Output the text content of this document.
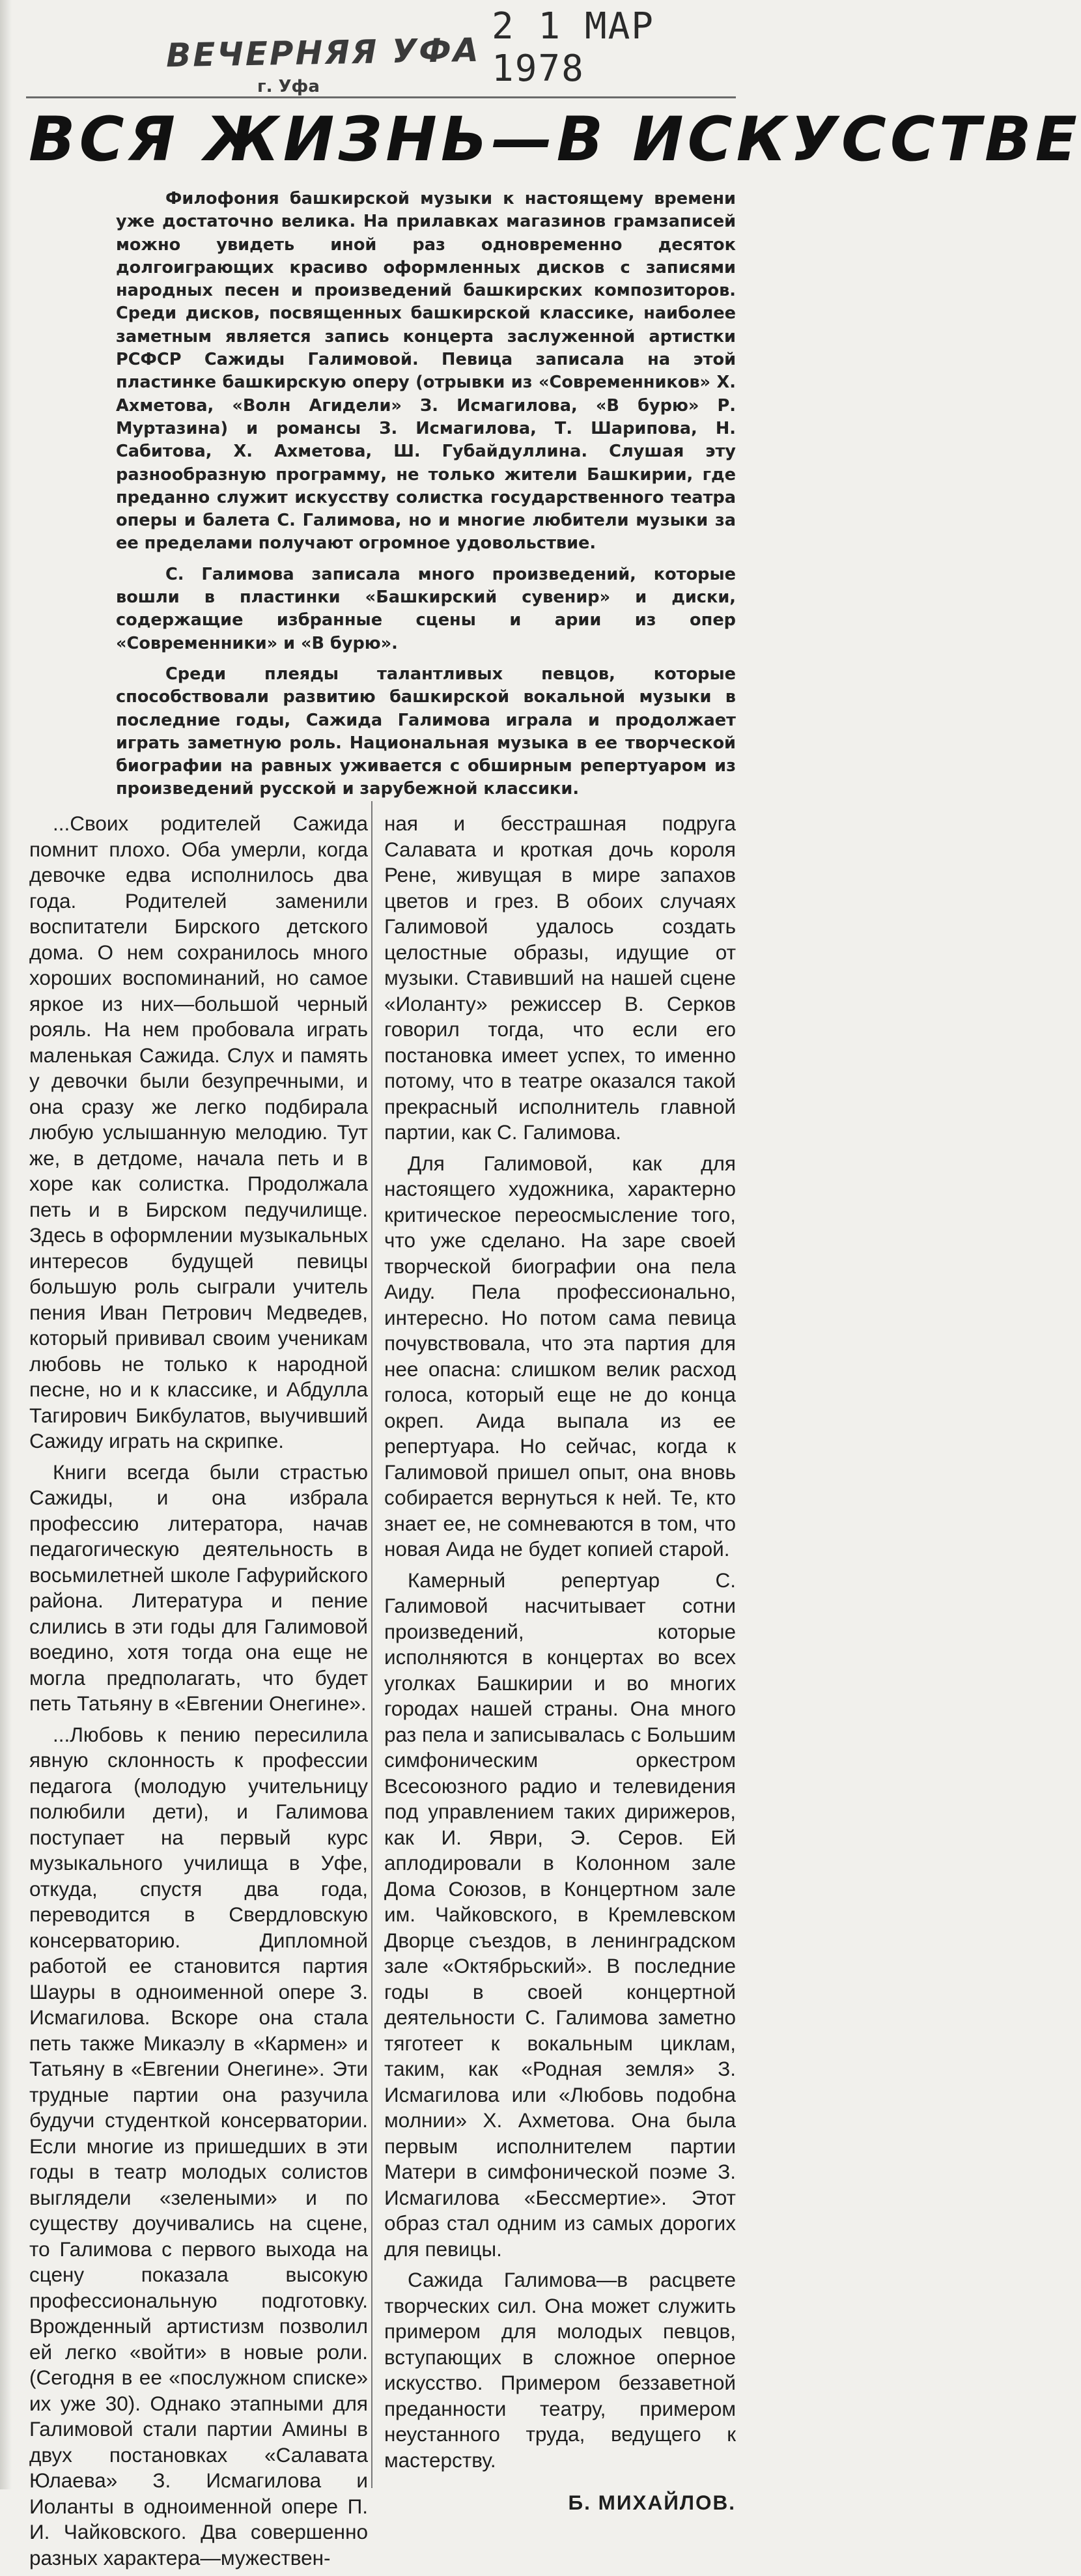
ВЕЧЕРНЯЯ УФА
г. Уфа
2 1 МАР 1978
ВСЯ ЖИЗНЬ—В ИСКУССТВЕ

Филофония башкирской музыки к настоящему времени уже достаточно велика. На прилавках магазинов грамзаписей можно увидеть иной раз одновременно десяток долгоиграющих красиво оформленных дисков с записями народных песен и произведений башкирских композиторов. Среди дисков, посвященных башкирской классике, наиболее заметным является запись концерта заслуженной артистки РСФСР Сажиды Галимовой. Певица записала на этой пластинке башкирскую оперу (отрывки из «Современников» Х. Ахметова, «Волн Агидели» З. Исмагилова, «В бурю» Р. Муртазина) и романсы З. Исмагилова, Т. Шарипова, Н. Сабитова, Х. Ахметова, Ш. Губайдуллина. Слушая эту разнообразную программу, не только жители Башкирии, где преданно служит искусству солистка государственного театра оперы и балета С. Галимова, но и многие любители музыки за ее пределами получают огромное удовольствие.

С. Галимова записала много произведений, которые вошли в пластинки «Башкирский сувенир» и диски, содержащие избранные сцены и арии из опер «Современники» и «В бурю».

Среди плеяды талантливых певцов, которые способствовали развитию башкирской вокальной музыки в последние годы, Сажида Галимова играла и продолжает играть заметную роль. Национальная музыка в ее творческой биографии на равных уживается с обширным репертуаром из произведений русской и зарубежной классики.

...Своих родителей Сажида помнит плохо. Оба умерли, когда девочке едва исполнилось два года. Родителей заменили воспитатели Бирского детского дома. О нем сохранилось много хороших воспоминаний, но самое яркое из них—большой черный рояль. На нем пробовала играть маленькая Сажида. Слух и память у девочки были безупречными, и она сразу же легко подбирала любую услышанную мелодию. Тут же, в детдоме, начала петь и в хоре как солистка. Продолжала петь и в Бирском педучилище. Здесь в оформлении музыкальных интересов будущей певицы большую роль сыграли учитель пения Иван Петрович Медведев, который прививал своим ученикам любовь не только к народной песне, но и к классике, и Абдулла Тагирович Бикбулатов, выучивший Сажиду играть на скрипке.

Книги всегда были страстью Сажиды, и она избрала профессию литератора, начав педагогическую деятельность в восьмилетней школе Гафурийского района. Литература и пение слились в эти годы для Галимовой воедино, хотя тогда она еще не могла предполагать, что будет петь Татьяну в «Евгении Онегине».

...Любовь к пению пересилила явную склонность к профессии педагога (молодую учительницу полюбили дети), и Галимова поступает на первый курс музыкального училища в Уфе, откуда, спустя два года, переводится в Свердловскую консерваторию. Дипломной работой ее становится партия Шауры в одноименной опере З. Исмагилова. Вскоре она стала петь также Микаэлу в «Кармен» и Татьяну в «Евгении Онегине». Эти трудные партии она разучила будучи студенткой консерватории. Если многие из пришедших в эти годы в театр молодых солистов выглядели «зелеными» и по существу доучивались на сцене, то Галимова с первого выхода на сцену показала высокую профессиональную подготовку. Врожденный артистизм позволил ей легко «войти» в новые роли. (Сегодня в ее «послужном списке» их уже 30). Однако этапными для Галимовой стали партии Амины в двух постановках «Салавата Юлаева» З. Исмагилова и Иоланты в одноименной опере П. И. Чайковского. Два совершенно разных характера—мужествен-

ная и бесстрашная подруга Салавата и кроткая дочь короля Рене, живущая в мире запахов цветов и грез. В обоих случаях Галимовой удалось создать целостные образы, идущие от музыки. Ставивший на нашей сцене «Иоланту» режиссер В. Серков говорил тогда, что если его постановка имеет успех, то именно потому, что в театре оказался такой прекрасный исполнитель главной партии, как С. Галимова.

Для Галимовой, как для настоящего художника, характерно критическое переосмысление того, что уже сделано. На заре своей творческой биографии она пела Аиду. Пела профессионально, интересно. Но потом сама певица почувствовала, что эта партия для нее опасна: слишком велик расход голоса, который еще не до конца окреп. Аида выпала из ее репертуара. Но сейчас, когда к Галимовой пришел опыт, она вновь собирается вернуться к ней. Те, кто знает ее, не сомневаются в том, что новая Аида не будет копией старой.

Камерный репертуар С. Галимовой насчитывает сотни произведений, которые исполняются в концертах во всех уголках Башкирии и во многих городах нашей страны. Она много раз пела и записывалась с Большим симфоническим оркестром Всесоюзного радио и телевидения под управлением таких дирижеров, как И. Яври, Э. Серов. Ей аплодировали в Колонном зале Дома Союзов, в Концертном зале им. Чайковского, в Кремлевском Дворце съездов, в ленинградском зале «Октябрьский». В последние годы в своей концертной деятельности С. Галимова заметно тяготеет к вокальным циклам, таким, как «Родная земля» З. Исмагилова или «Любовь подобна молнии» Х. Ахметова. Она была первым исполнителем партии Матери в симфонической поэме З. Исмагилова «Бессмертие». Этот образ стал одним из самых дорогих для певицы.

Сажида Галимова—в расцвете творческих сил. Она может служить примером для молодых певцов, вступающих в сложное оперное искусство. Примером беззаветной преданности театру, примером неустанного труда, ведущего к мастерству.

Б. МИХАЙЛОВ.
